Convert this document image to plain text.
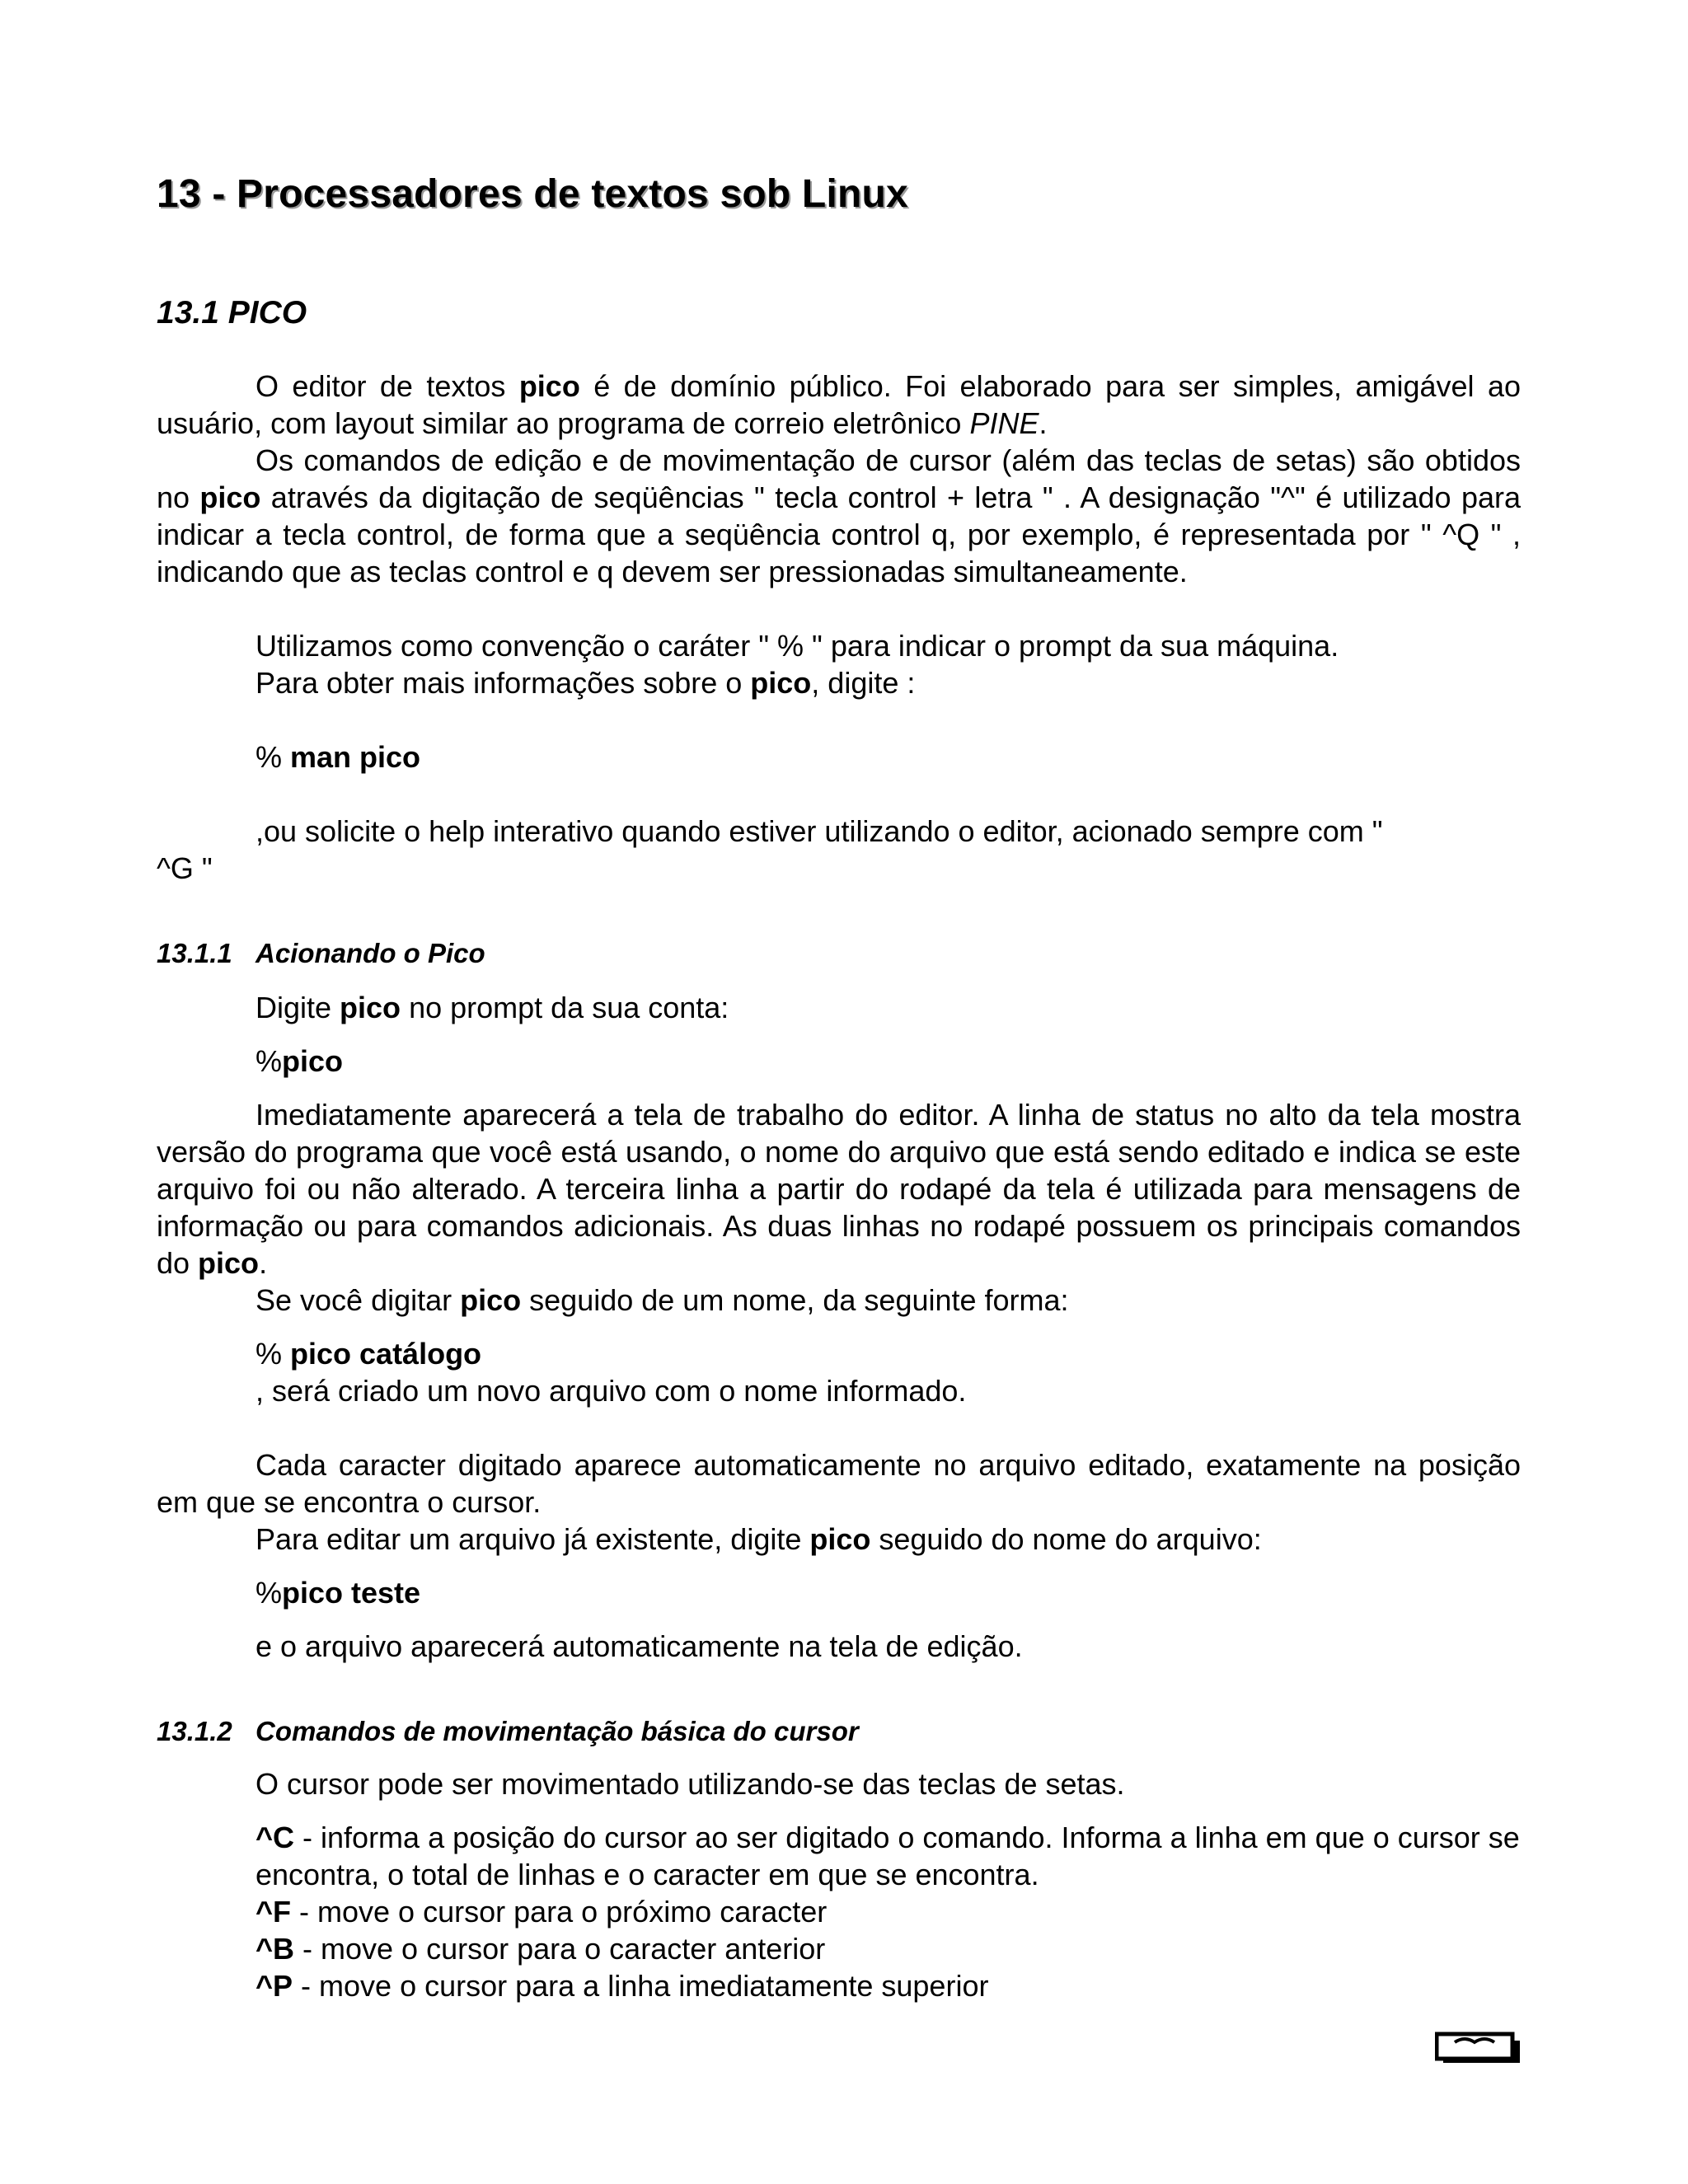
13 - Processadores de textos sob Linux
13.1 PICO
O editor de textos pico é de domínio público. Foi elaborado para ser simples, amigável ao usuário, com layout similar ao programa de correio eletrônico PINE.
Os comandos de edição e de movimentação de cursor (além das teclas de setas) são obtidos no pico através da digitação de seqüências " tecla control + letra " . A designação "^" é utilizado para indicar a tecla control, de forma que a seqüência control q, por exemplo, é representada por " ^Q " , indicando que as teclas control e q devem ser pressionadas simultaneamente.
Utilizamos como convenção o caráter " % " para indicar o prompt da sua máquina.
Para obter mais informações sobre o pico, digite :
% man pico
,ou solicite o help interativo quando estiver utilizando o editor, acionado sempre com "
^G "
13.1.1 Acionando o Pico
Digite pico no prompt da sua conta:
%pico
Imediatamente aparecerá a tela de trabalho do editor. A linha de status no alto da tela mostra versão do programa que você está usando, o nome do arquivo que está sendo editado e indica se este arquivo foi ou não alterado. A terceira linha a partir do rodapé da tela é utilizada para mensagens de informação ou para comandos adicionais. As duas linhas no rodapé possuem os principais comandos do pico.
Se você digitar pico seguido de um nome, da seguinte forma:
% pico catálogo
, será criado um novo arquivo com o nome informado.
Cada caracter digitado aparece automaticamente no arquivo editado, exatamente na posição em que se encontra o cursor.
Para editar um arquivo já existente, digite pico seguido do nome do arquivo:
%pico teste
e o arquivo aparecerá automaticamente na tela de edição.
13.1.2 Comandos de movimentação básica do cursor
O cursor pode ser movimentado utilizando-se das teclas de setas.
^C - informa a posição do cursor ao ser digitado o comando. Informa a linha em que o cursor se encontra, o total de linhas e o caracter em que se encontra.
^F - move o cursor para o próximo caracter
^B - move o cursor para o caracter anterior
^P - move o cursor para a linha imediatamente superior
